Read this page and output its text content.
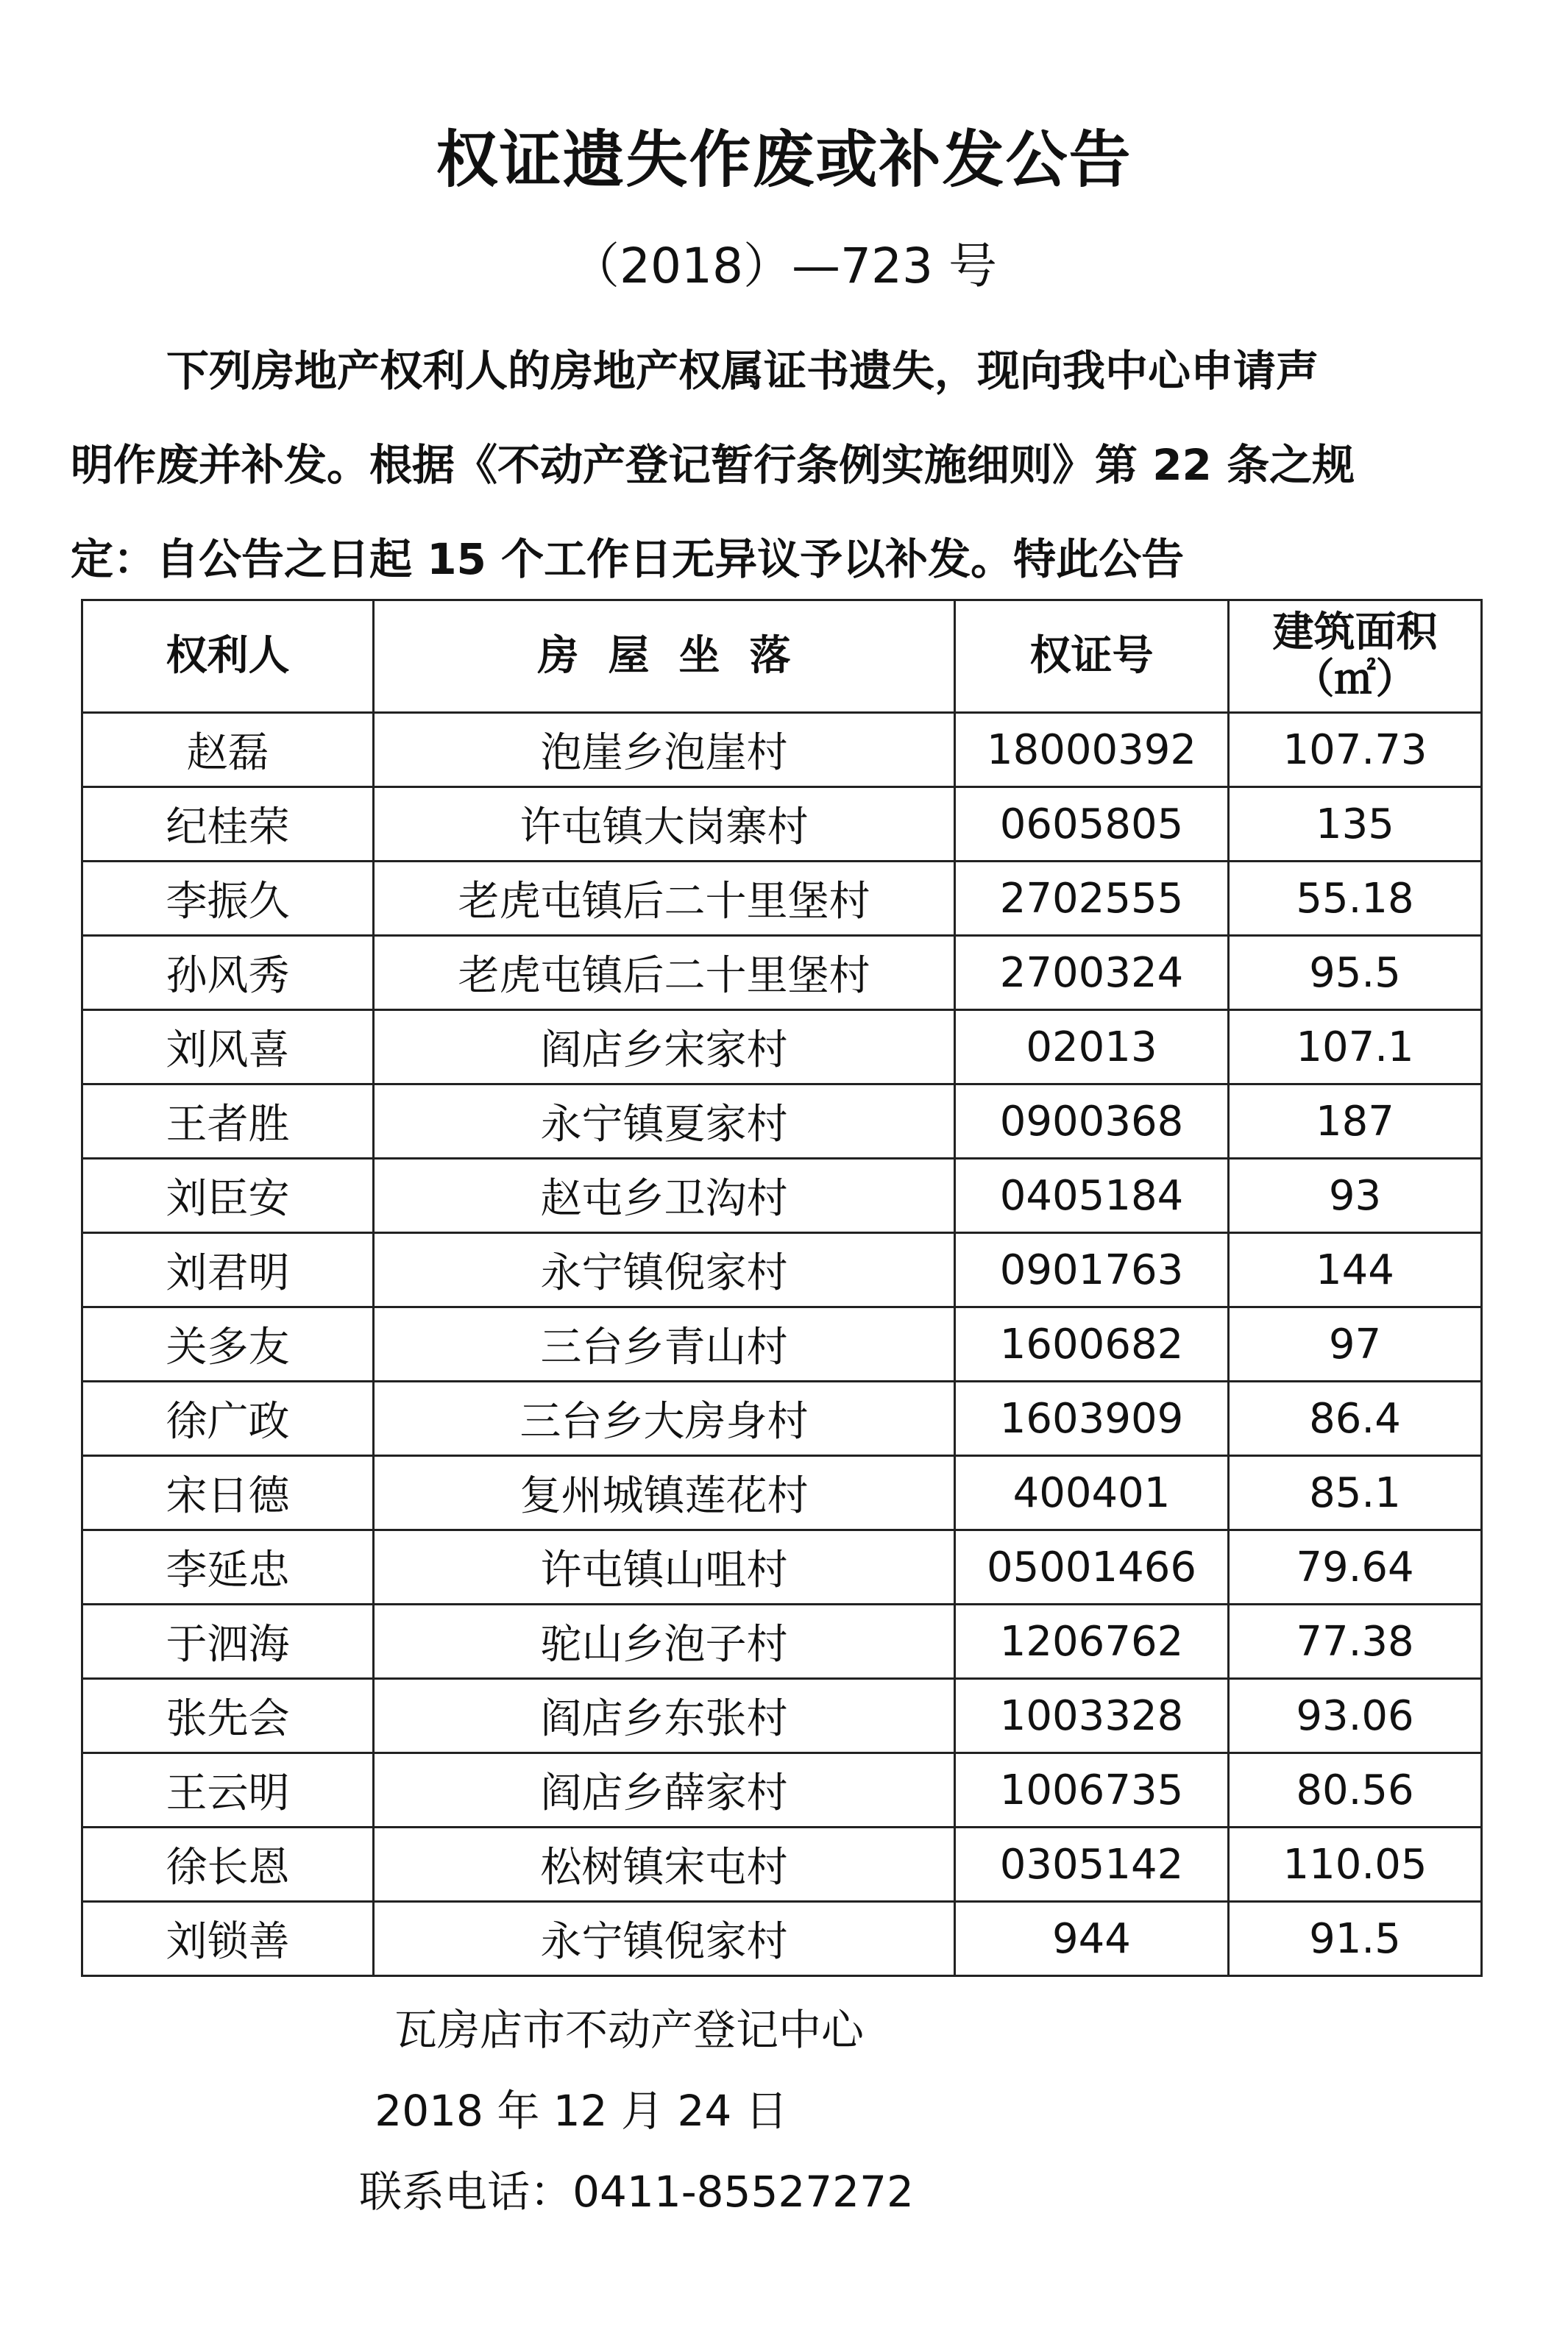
权证遗失作废或补发公告
（2018）—723 号
下列房地产权利人的房地产权属证书遗失，现向我中心申请声
明作废并补发。根据《不动产登记暂行条例实施细则》第 22 条之规
定：自公告之日起 15 个工作日无异议予以补发。特此公告
权利人	房屋坐落	权证号	建筑面积
（㎡）

赵磊	泡崖乡泡崖村	18000392	107.73
纪桂荣	许屯镇大岗寨村	0605805	135
李振久	老虎屯镇后二十里堡村	2702555	55.18
孙风秀	老虎屯镇后二十里堡村	2700324	95.5
刘风喜	阎店乡宋家村	02013	107.1
王者胜	永宁镇夏家村	0900368	187
刘臣安	赵屯乡卫沟村	0405184	93
刘君明	永宁镇倪家村	0901763	144
关多友	三台乡青山村	1600682	97
徐广政	三台乡大房身村	1603909	86.4
宋日德	复州城镇莲花村	400401	85.1
李延忠	许屯镇山咀村	05001466	79.64
于泗海	驼山乡泡子村	1206762	77.38
张先会	阎店乡东张村	1003328	93.06
王云明	阎店乡薛家村	1006735	80.56
徐长恩	松树镇宋屯村	0305142	110.05
刘锁善	永宁镇倪家村	944	91.5
瓦房店市不动产登记中心
2018 年 12 月 24 日
联系电话：0411-85527272
